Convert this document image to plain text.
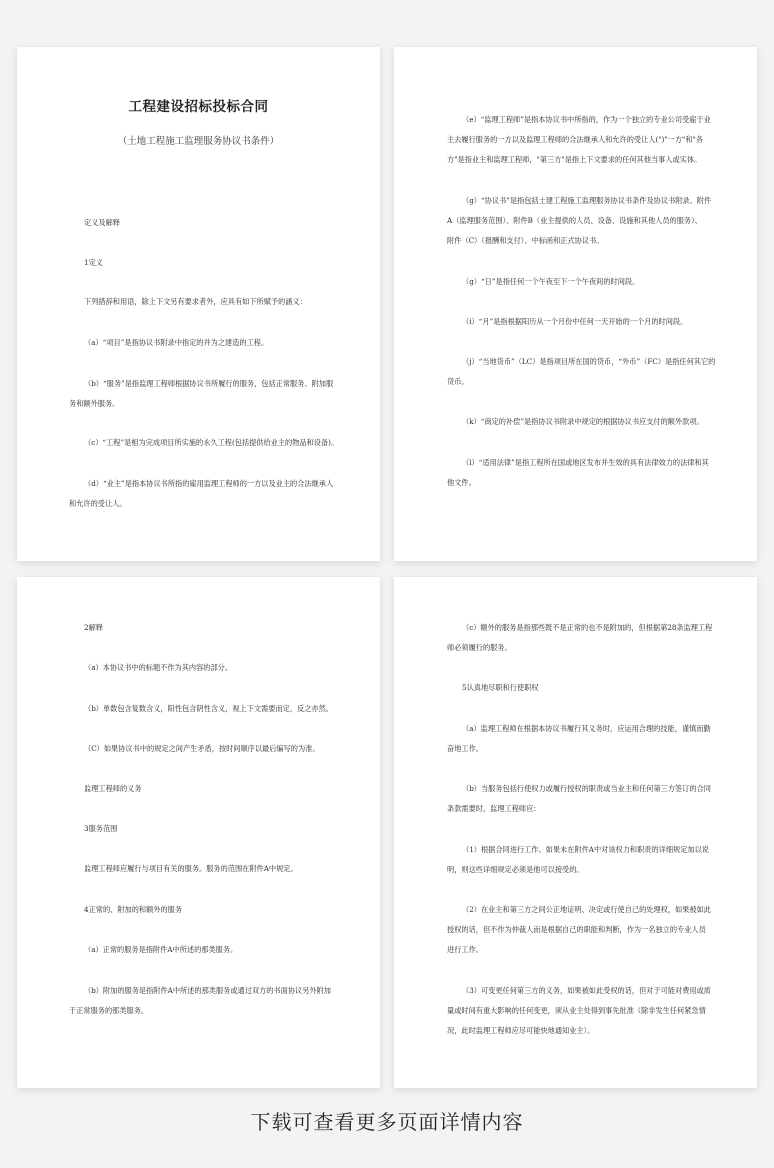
工程建设招标投标合同
（土地工程施工监理服务协议书条件）
定义及解释
1定义
下列措辞和用语，除上下文另有要求者外，应具有如下所赋予的涵义：
（a）“项目”是指协议书附录中指定的并为之建造的工程。
（b）“服务”是指监理工程师根据协议书所履行的服务，包括正常服务、附加服
务和额外服务。
（c）“工程”是相为完成项目所实施的永久工程(包括提供给业主的物品和设备)。
（d）“业主”是指本协议书所指的雇用监理工程师的一方以及业主的合法继承人
和允许的受让人。
（e）“监理工程师”是指本协议书中所指的，作为一个独立的专业公司受雇于业
主去履行服务的一方以及监理工程师的合法继承人和允许的受让人(")"一方"和"各
方"是指业主和监理工程师，"第三方"是指上下文要求的任何其他当事人或实体。
（g）“协议书”是指包括土建工程施工监理服务协议书条件及协议书附录、附件
A（监理服务范围）、附件B（业主提供的人员、设备、设施和其他人员的服务）、
附件（C）（报酬和支付）、中标函和正式协议书。
（g）“日”是指任何一个午夜至下一个午夜间的时间段。
（i）“月”是指根据阳历从一个月份中任何一天开始的一个月的时间段。
（j）“当地货币”（LC）是指项目所在国的货币，“外币”（FC）是指任何其它的
货币。
（k）“商定的补偿”是指协议书附录中规定的根据协议书应支付的额外款项。
（l）“适用法律”是指工程所在国或地区发布并生效的具有法律效力的法律和其
他文件。
2解释
（a）本协议书中的标题不作为其内容的部分。
（b）单数包含复数含义，阳性包含阴性含义，视上下文需要而定，反之亦然。
（C）如果协议书中的规定之间产生矛盾，按时间顺序以最后编写的为准。
监理工程师的义务
3服务范围
监理工程师应履行与项目有关的服务。服务的范围在附件A中规定。
4正常的、附加的和额外的服务
（a）正常的服务是指附件A中所述的那类服务。
（b）附加的服务是指附件A中所述的那类服务或通过双方的书面协议另外附加
于正常服务的那类服务。
（c）额外的服务是指那些既不是正常的也不是附加的，但根据第28条监理工程
师必须履行的服务。
5认真地尽职和行使职权
（a）监理工程师在根据本协议书履行其义务时，应运用合理的技能，谨慎而勤
奋地工作。
（b）当服务包括行使权力或履行授权的职责或当业主和任何第三方签订的合同
条款需要时，监理工程师应：
（1）根据合同进行工作。如果未在附件A中对该权力和职责的详细规定加以说
明，则这些详细规定必须是他可以接受的。
（2）在业主和第三方之间公正地证明、决定或行使自己的处理权，如果被如此
授权的话，但不作为仲裁人而是根据自己的职能和判断，作为一名独立的专业人员
进行工作。
（3）可变更任何第三方的义务，如果被如此受权的话，但对于可能对费用或质
量或时间有重大影响的任何变更，须从业主处得到事先批准（除非发生任何紧急情
况，此时监理工程师应尽可能快地通知业主）。
下载可查看更多页面详情内容
